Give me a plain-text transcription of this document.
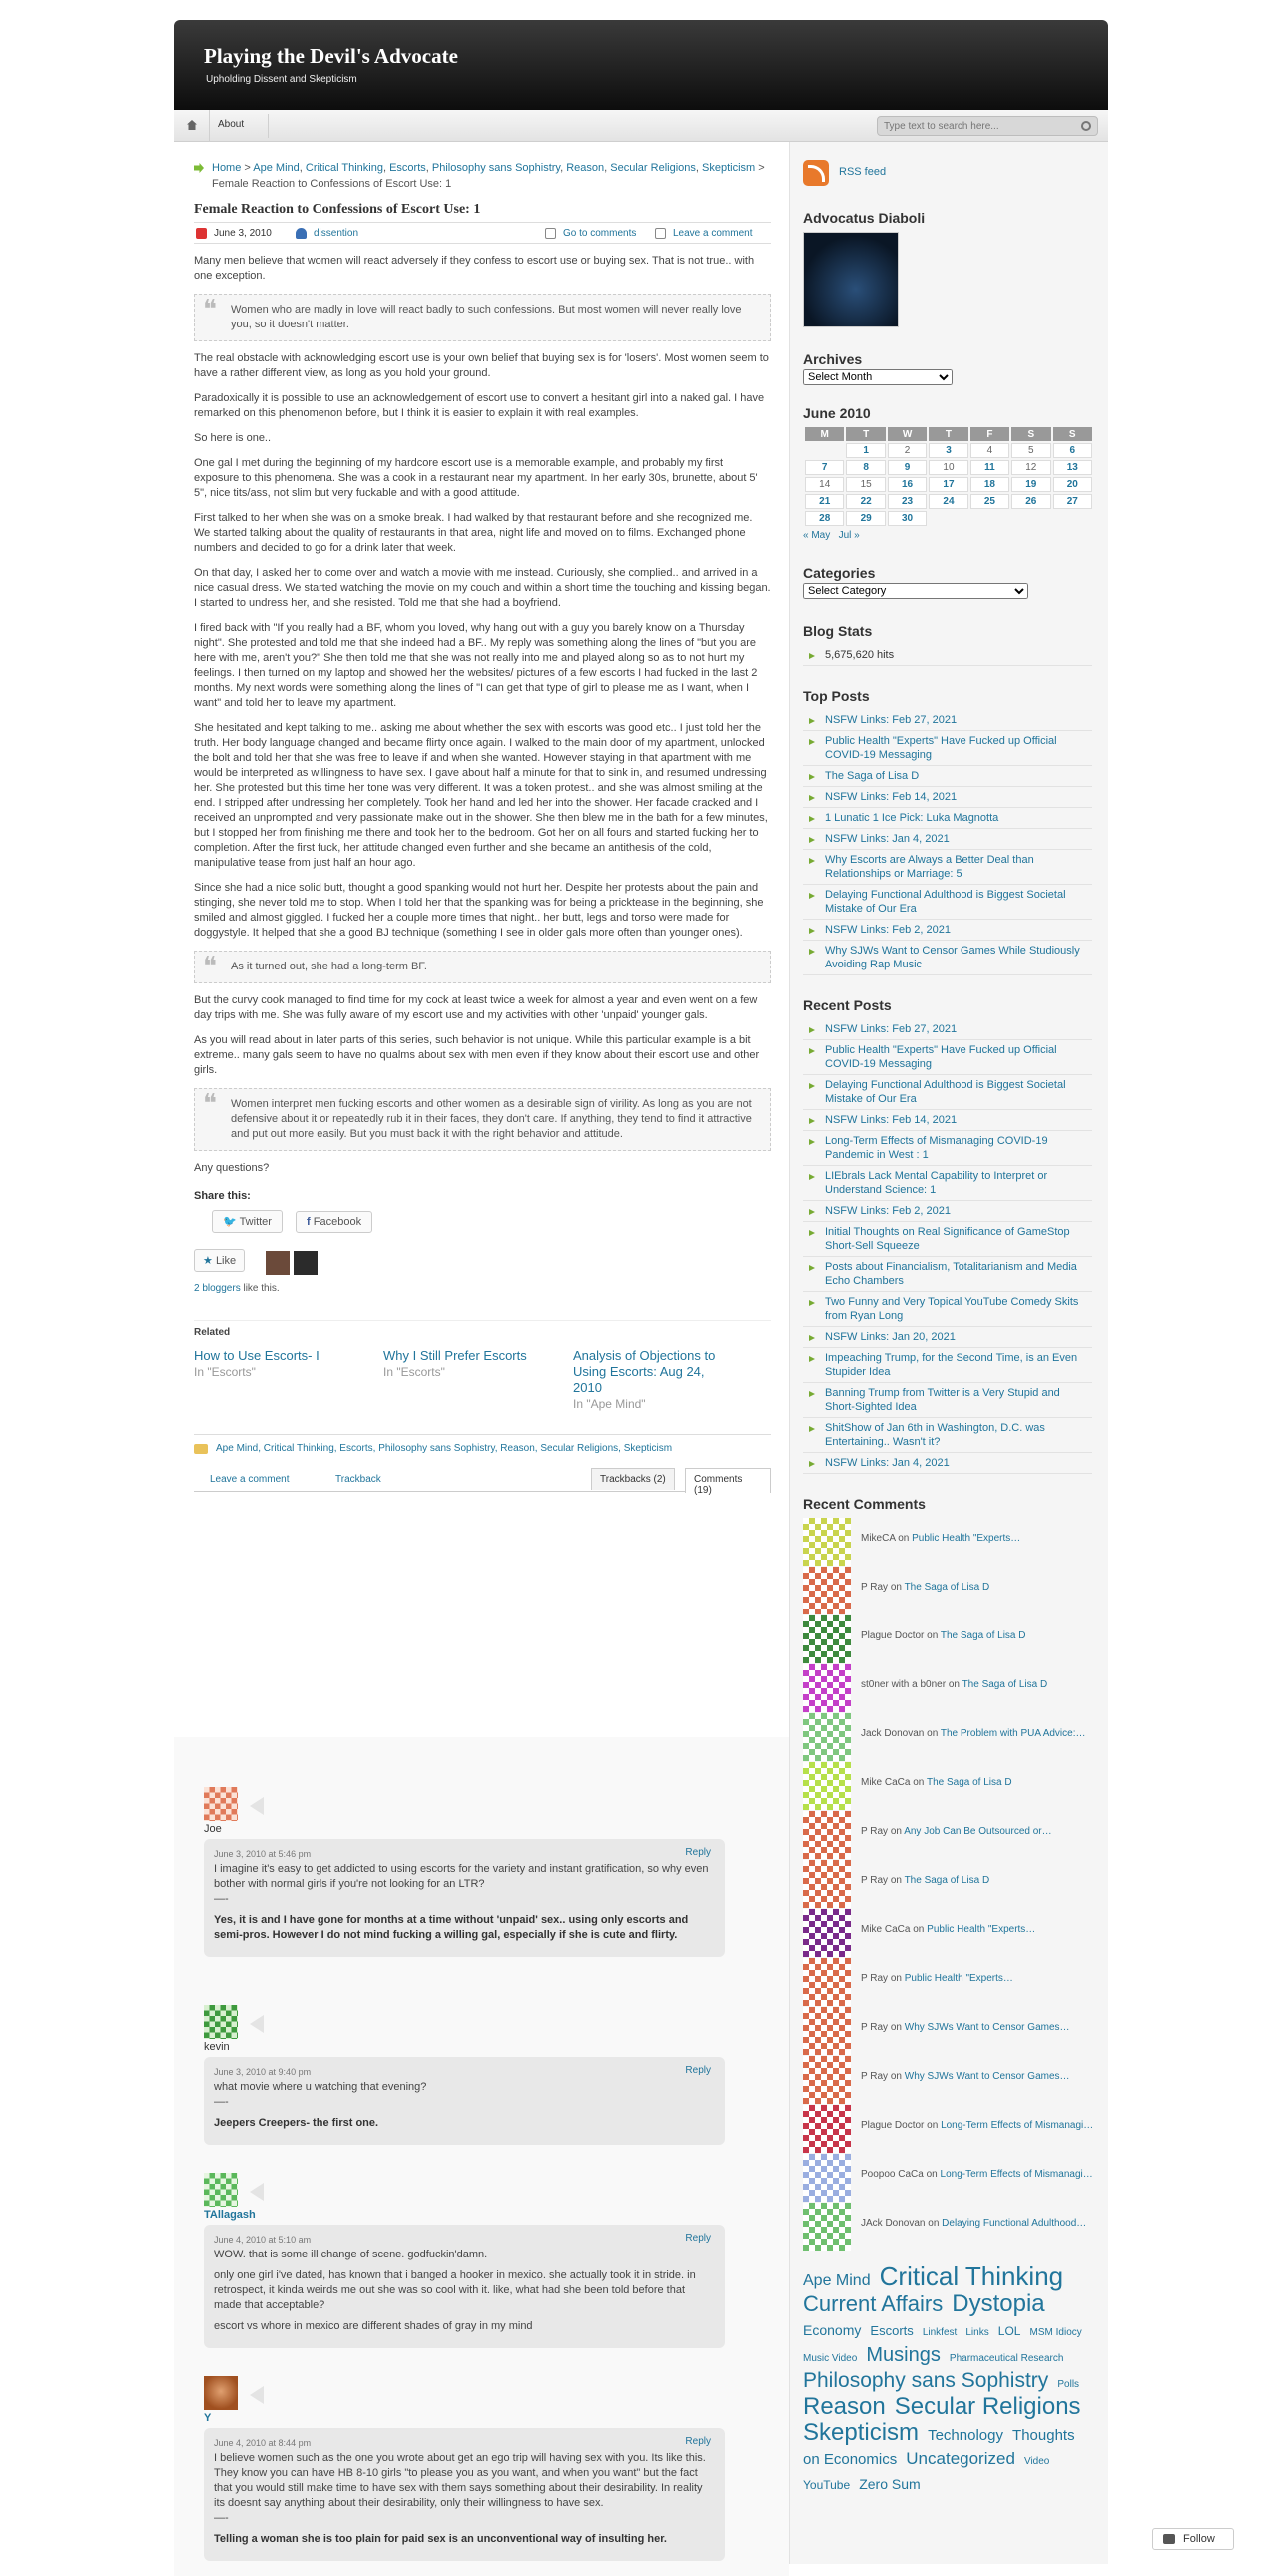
Playing the Devil's Advocate
Upholding Dissent and Skepticism
About
Type text to search here...
Home > Ape Mind, Critical Thinking, Escorts, Philosophy sans Sophistry, Reason, Secular Religions, Skepticism > Female Reaction to Confessions of Escort Use: 1
Female Reaction to Confessions of Escort Use: 1
June 3, 2010	dissention	Go to comments	Leave a comment

Many men believe that women will react adversely if they confess to escort use or buying sex. That is not true.. with one exception.

❝ Women who are madly in love will react badly to such confessions. But most women will never really love you, so it doesn't matter.

The real obstacle with acknowledging escort use is your own belief that buying sex is for 'losers'. Most women seem to have a rather different view, as long as you hold your ground.

Paradoxically it is possible to use an acknowledgement of escort use to convert a hesitant girl into a naked gal. I have remarked on this phenomenon before, but I think it is easier to explain it with real examples.

So here is one..

One gal I met during the beginning of my hardcore escort use is a memorable example, and probably my first exposure to this phenomena. She was a cook in a restaurant near my apartment. In her early 30s, brunette, about 5' 5", nice tits/ass, not slim but very fuckable and with a good attitude.

First talked to her when she was on a smoke break. I had walked by that restaurant before and she recognized me. We started talking about the quality of restaurants in that area, night life and moved on to films. Exchanged phone numbers and decided to go for a drink later that week.

On that day, I asked her to come over and watch a movie with me instead. Curiously, she complied.. and arrived in a nice casual dress. We started watching the movie on my couch and within a short time the touching and kissing began. I started to undress her, and she resisted. Told me that she had a boyfriend.

I fired back with "If you really had a BF, whom you loved, why hang out with a guy you barely know on a Thursday night". She protested and told me that she indeed had a BF.. My reply was something along the lines of "but you are here with me, aren't you?" She then told me that she was not really into me and played along so as to not hurt my feelings. I then turned on my laptop and showed her the websites/ pictures of a few escorts I had fucked in the last 2 months. My next words were something along the lines of "I can get that type of girl to please me as I want, when I want" and told her to leave my apartment.

She hesitated and kept talking to me.. asking me about whether the sex with escorts was good etc.. I just told her the truth. Her body language changed and became flirty once again. I walked to the main door of my apartment, unlocked the bolt and told her that she was free to leave if and when she wanted. However staying in that apartment with me would be interpreted as willingness to have sex. I gave about half a minute for that to sink in, and resumed undressing her. She protested but this time her tone was very different. It was a token protest.. and she was almost smiling at the end. I stripped after undressing her completely. Took her hand and led her into the shower. Her facade cracked and I received an unprompted and very passionate make out in the shower. She then blew me in the bath for a few minutes, but I stopped her from finishing me there and took her to the bedroom. Got her on all fours and started fucking her to completion. After the first fuck, her attitude changed even further and she became an antithesis of the cold, manipulative tease from just half an hour ago.

Since she had a nice solid butt, thought a good spanking would not hurt her. Despite her protests about the pain and stinging, she never told me to stop. When I told her that the spanking was for being a pricktease in the beginning, she smiled and almost giggled. I fucked her a couple more times that night.. her butt, legs and torso were made for doggystyle. It helped that she a good BJ technique (something I see in older gals more often than younger ones).

❝ As it turned out, she had a long-term BF.

But the curvy cook managed to find time for my cock at least twice a week for almost a year and even went on a few day trips with me. She was fully aware of my escort use and my activities with other 'unpaid' younger gals.

As you will read about in later parts of this series, such behavior is not unique. While this particular example is a bit extreme.. many gals seem to have no qualms about sex with men even if they know about their escort use and other girls.

❝ Women interpret men fucking escorts and other women as a desirable sign of virility. As long as you are not defensive about it or repeatedly rub it in their faces, they don't care. If anything, they tend to find it attractive and put out more easily. But you must back it with the right behavior and attitude.

Any questions?

Share this:
🐦 Twitter	f Facebook
★ Like
2 bloggers like this.
Related
How to Use Escorts- I
In "Escorts"
Why I Still Prefer Escorts
In "Escorts"
Analysis of Objections to Using Escorts: Aug 24, 2010
In "Ape Mind"
Ape Mind, Critical Thinking, Escorts, Philosophy sans Sophistry, Reason, Secular Religions, Skepticism
Leave a comment	Trackback	Trackbacks (2)	Comments (19)
Joe
June 3, 2010 at 5:46 pm	Reply
I imagine it's easy to get addicted to using escorts for the variety and instant gratification, so why even bother with normal girls if you're not looking for an LTR?
—-

Yes, it is and I have gone for months at a time without 'unpaid' sex.. using only escorts and semi-pros. However I do not mind fucking a willing gal, especially if she is cute and flirty.

kevin
June 3, 2010 at 9:40 pm	Reply
what movie where u watching that evening?
—-

Jeepers Creepers- the first one.

TAllagash
June 4, 2010 at 5:10 am	Reply
WOW. that is some ill change of scene. godfuckin'damn.

only one girl i've dated, has known that i banged a hooker in mexico. she actually took it in stride. in retrospect, it kinda weirds me out she was so cool with it. like, what had she been told before that made that acceptable?

escort vs whore in mexico are different shades of gray in my mind

Y
June 4, 2010 at 8:44 pm	Reply
I believe women such as the one you wrote about get an ego trip will having sex with you. Its like this. They know you can have HB 8-10 girls "to please you as you want, and when you want" but the fact that you would still make time to have sex with them says something about their desirability. In reality its doesnt say anything about their desirability, only their willingness to have sex.
—-

Telling a woman she is too plain for paid sex is an unconventional way of insulting her.

RSS feed
Advocatus Diaboli
Archives
Select Month
June 2010
M	T	W	T	F	S	S
	1	2	3	4	5	6
7	8	9	10	11	12	13
14	15	16	17	18	19	20
21	22	23	24	25	26	27
28	29	30				
« May Jul »
Categories
Select Category
Blog Stats
5,675,620 hits
Top Posts
NSFW Links: Feb 27, 2021
Public Health "Experts" Have Fucked up Official COVID-19 Messaging
The Saga of Lisa D
NSFW Links: Feb 14, 2021
1 Lunatic 1 Ice Pick: Luka Magnotta
NSFW Links: Jan 4, 2021
Why Escorts are Always a Better Deal than Relationships or Marriage: 5
Delaying Functional Adulthood is Biggest Societal Mistake of Our Era
NSFW Links: Feb 2, 2021
Why SJWs Want to Censor Games While Studiously Avoiding Rap Music
Recent Posts
NSFW Links: Feb 27, 2021
Public Health "Experts" Have Fucked up Official COVID-19 Messaging
Delaying Functional Adulthood is Biggest Societal Mistake of Our Era
NSFW Links: Feb 14, 2021
Long-Term Effects of Mismanaging COVID-19 Pandemic in West : 1
LIEbrals Lack Mental Capability to Interpret or Understand Science: 1
NSFW Links: Feb 2, 2021
Initial Thoughts on Real Significance of GameStop Short-Sell Squeeze
Posts about Financialism, Totalitarianism and Media Echo Chambers
Two Funny and Very Topical YouTube Comedy Skits from Ryan Long
NSFW Links: Jan 20, 2021
Impeaching Trump, for the Second Time, is an Even Stupider Idea
Banning Trump from Twitter is a Very Stupid and Short-Sighted Idea
ShitShow of Jan 6th in Washington, D.C. was Entertaining.. Wasn't it?
NSFW Links: Jan 4, 2021
Recent Comments
MikeCA on Public Health "Experts…
P Ray on The Saga of Lisa D
Plague Doctor on The Saga of Lisa D
st0ner with a b0ner on The Saga of Lisa D
Jack Donovan on The Problem with PUA Advice:…
Mike CaCa on The Saga of Lisa D
P Ray on Any Job Can Be Outsourced or…
P Ray on The Saga of Lisa D
Mike CaCa on Public Health "Experts…
P Ray on Public Health "Experts…
P Ray on Why SJWs Want to Censor Games…
P Ray on Why SJWs Want to Censor Games…
Plague Doctor on Long-Term Effects of Mismanagi…
Poopoo CaCa on Long-Term Effects of Mismanagi…
JAck Donovan on Delaying Functional Adulthood…
Ape Mind Critical Thinking Current Affairs Dystopia Economy Escorts Linkfest Links LOL MSM Idiocy Music Video Musings Pharmaceutical Research Philosophy sans Sophistry Polls Reason Secular Religions Skepticism Technology Thoughts on Economics Uncategorized Video YouTube Zero Sum
Follow
